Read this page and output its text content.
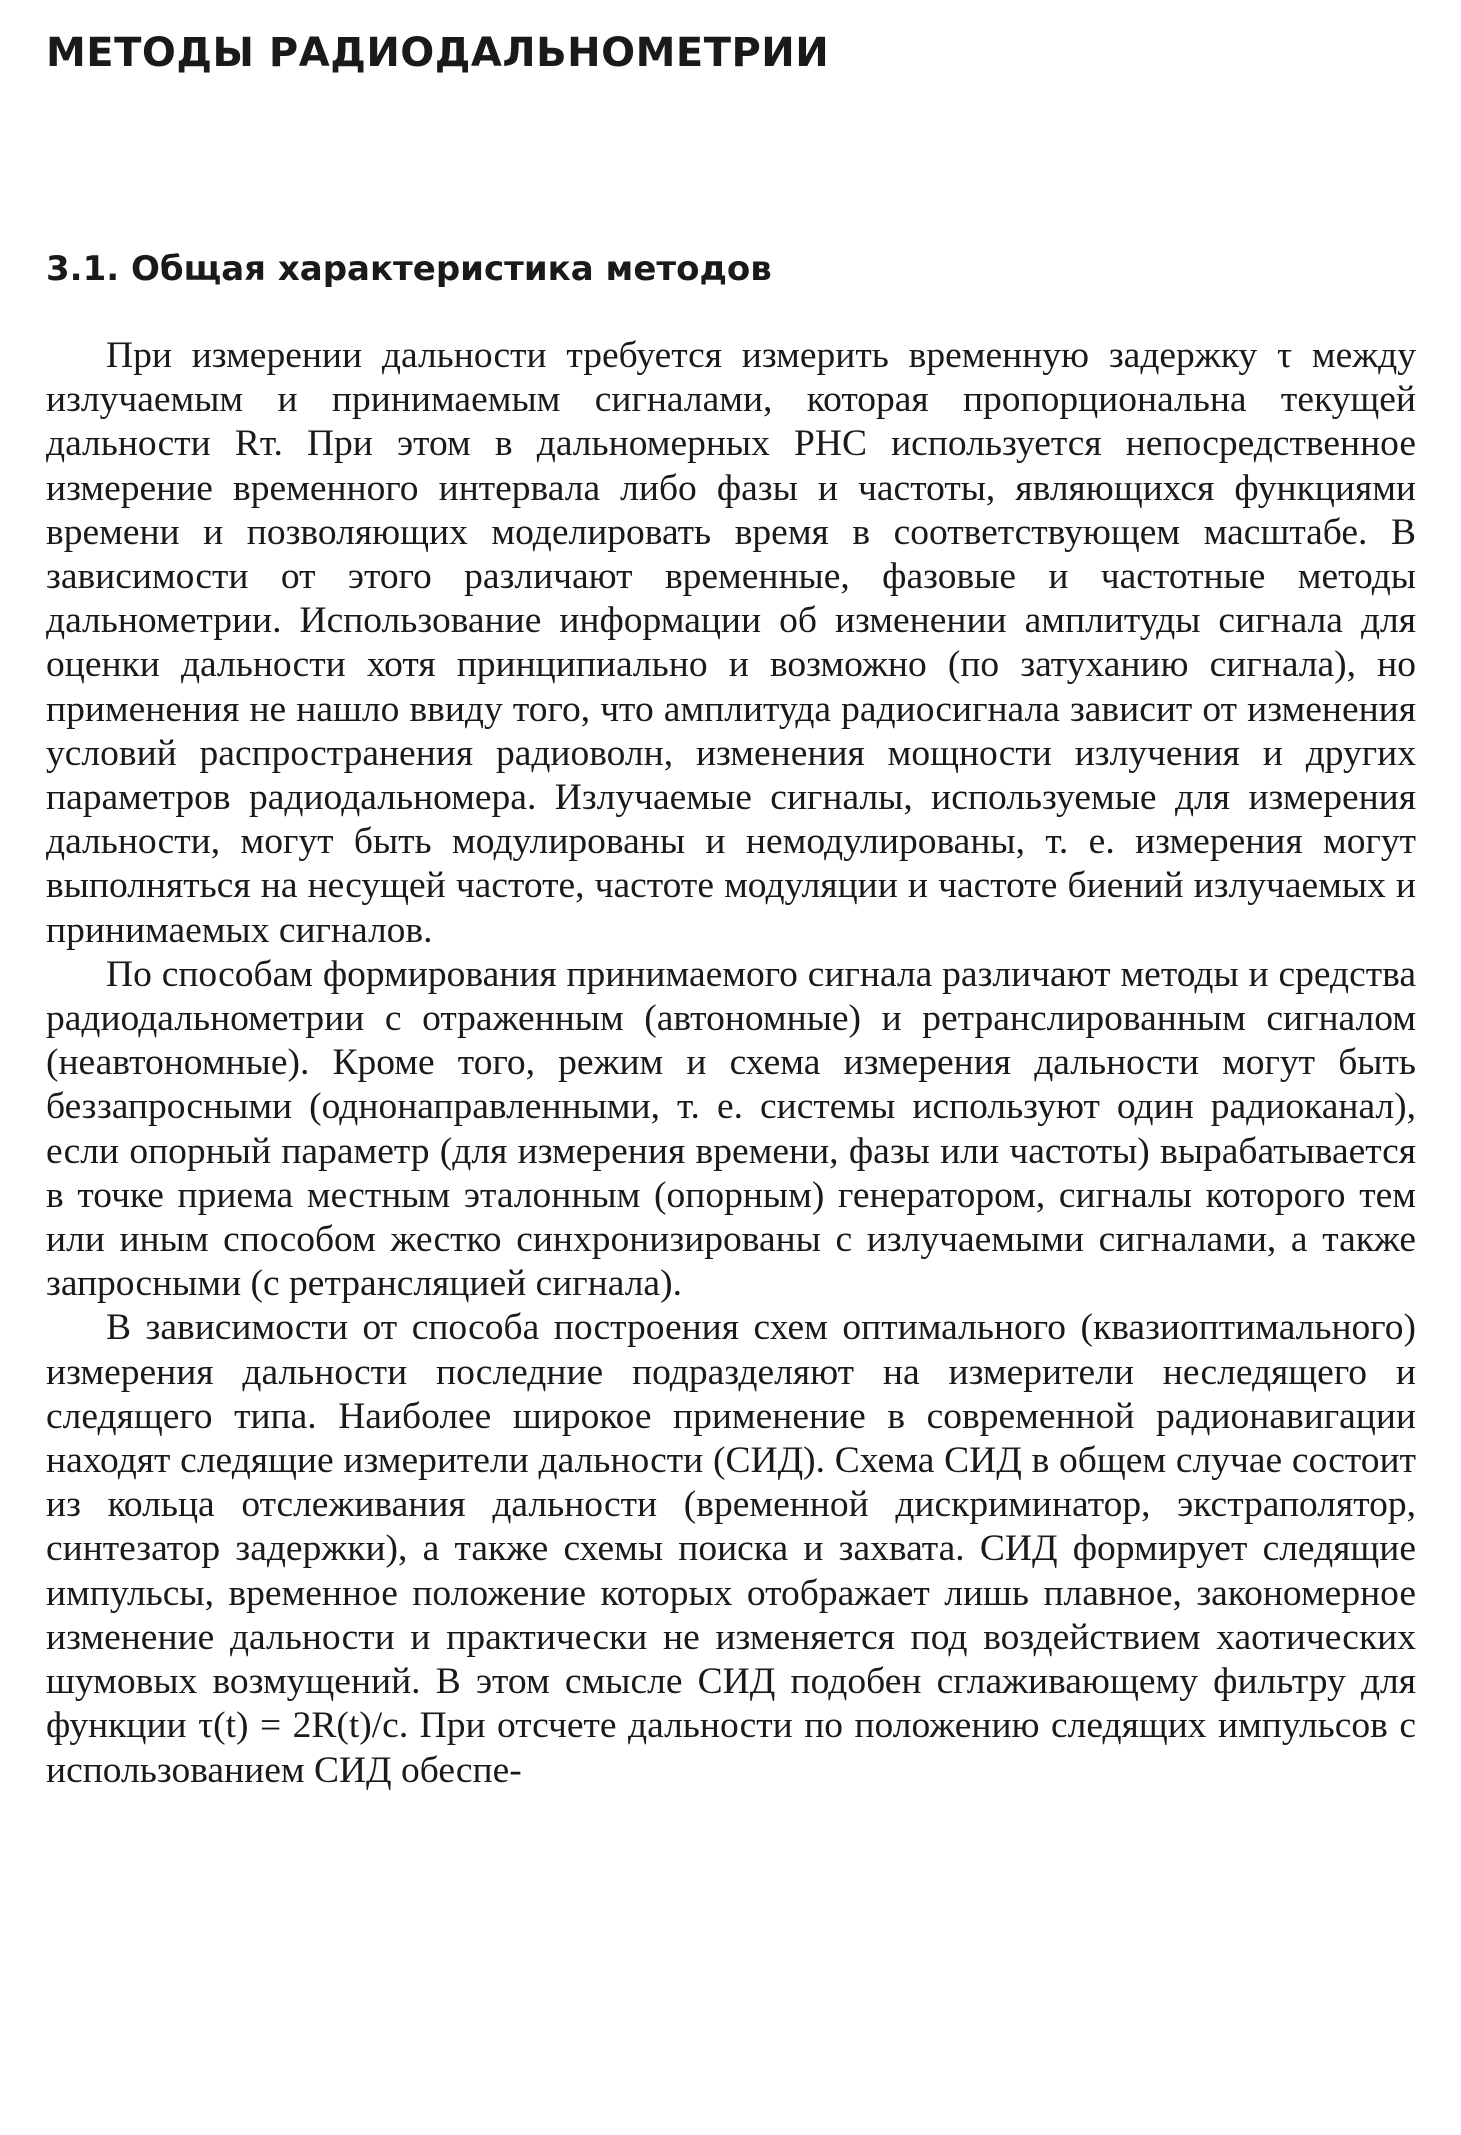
МЕТОДЫ РАДИОДАЛЬНОМЕТРИИ
3.1. Общая характеристика методов

При измерении дальности требуется измерить временную задержку τ между излучаемым и принимаемым сигналами, которая пропорциональна текущей дальности Rт. При этом в дальномерных РНС используется непосредственное измерение временного интервала либо фазы и частоты, являющихся функциями времени и позволяющих моделировать время в соответствующем масштабе. В зависимости от этого различают временные, фазовые и частотные методы дальнометрии. Использование информации об изменении амплитуды сигнала для оценки дальности хотя принципиально и возможно (по затуханию сигнала), но применения не нашло ввиду того, что амплитуда радиосигнала зависит от изменения условий распространения радиоволн, изменения мощности излучения и других параметров радиодальномера. Излучаемые сигналы, используемые для измерения дальности, могут быть модулированы и немодулированы, т. е. измерения могут выполняться на несущей частоте, частоте модуляции и частоте биений излучаемых и принимаемых сигналов.

По способам формирования принимаемого сигнала различают методы и средства радиодальнометрии с отраженным (автономные) и ретранслированным сигналом (неавтономные). Кроме того, режим и схема измерения дальности могут быть беззапросными (однонаправленными, т. е. системы используют один радиоканал), если опорный параметр (для измерения времени, фазы или частоты) вырабатывается в точке приема местным эталонным (опорным) генератором, сигналы которого тем или иным способом жестко синхронизированы с излучаемыми сигналами, а также запросными (с ретрансляцией сигнала).

В зависимости от способа построения схем оптимального (квазиоптимального) измерения дальности последние подразделяют на измерители неследящего и следящего типа. Наиболее широкое применение в современной радионавигации находят следящие измерители дальности (СИД). Схема СИД в общем случае состоит из кольца отслеживания дальности (временной дискриминатор, экстраполятор, синтезатор задержки), а также схемы поиска и захвата. СИД формирует следящие импульсы, временное положение которых отображает лишь плавное, закономерное изменение дальности и практически не изменяется под воздействием хаотических шумовых возмущений. В этом смысле СИД подобен сглаживающему фильтру для функции τ(t) = 2R(t)/c. При отсчете дальности по положению следящих импульсов с использованием СИД обеспе-
